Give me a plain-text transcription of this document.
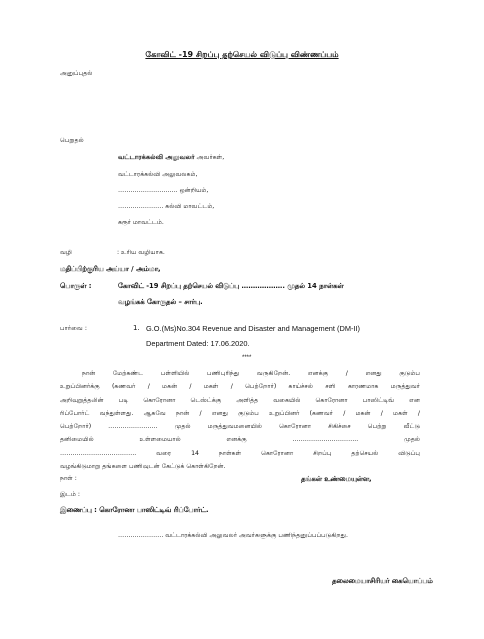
கோவிட் -19 சிறப்பு தற்செயல் விடுப்பு விண்ணப்பம்
அனுப்புதல்
பெறுதல்
வட்டாரக்கல்வி அலுவலர் அவர்கள்,
வட்டாரக்கல்வி அலுவலகம்,
……………………….. ஒன்றியம்,
…………………. கல்வி மாவட்டம்,
கரூர் மாவட்டம்.
வழி	: உரிய வழியாக.
மதிப்பிற்குரிய அய்யா / அம்மா,
பொருள் :	கோவிட் -19 சிறப்பு தற்செயல் விடுப்பு ………………. முதல் 14 நாள்கள்
வழங்கக் கோருதல் – சார்பு.
பார்வை :	1. G.O.(Ms)No.304 Revenue and Disaster and Management (DM-II)
Department Dated: 17.06.2020.
****
நான் மேற்கண்ட பள்ளியில் பணிபுரிந்து வருகிறேன். எனக்கு / எனது குடும்ப
உறுப்பினர்க்கு (கணவர் / மகன் / மகள் / பெற்றோர்) காய்ச்சல் சளி காரணமாக மருத்துவர்
அறிவுறுத்தலின் படி கொரோனா டெஸ்ட்க்கு அளித்த வகையில் கொரோனா பாஸிட்டிவ் என
ரிப்போர்ட் வந்துள்ளது. ஆகவே நான் / எனது குடும்ப உறுப்பினர் (கணவர் / மகன் / மகள் /
பெற்றோர்) …………………… முதல் மருத்துவமனையில் கொரோனா சிகிச்சை பெற்று வீட்டு
தனிமையில் உள்ளமையால் எனக்கு ………………………….. முதல்
………………………………. வரை 14 நாள்கள் கொரோனா சிறப்பு தற்செயல் விடுப்பு
வழங்கிடுமாறு தங்களை பணிவுடன் கேட்டுக் கொள்கிறேன்.
நாள் :
இடம் :
தங்கள் உண்மையுள்ள,
இணைப்பு : கொரோனா பாஸிட்டிவ் ரிப்போர்ட்.
…………………. வட்டாரக்கல்வி அலுவலர் அவர்களுக்கு பணிந்தனுப்பப்படுகிறது.
தலைமையாசிரியர் கையொப்பம்
